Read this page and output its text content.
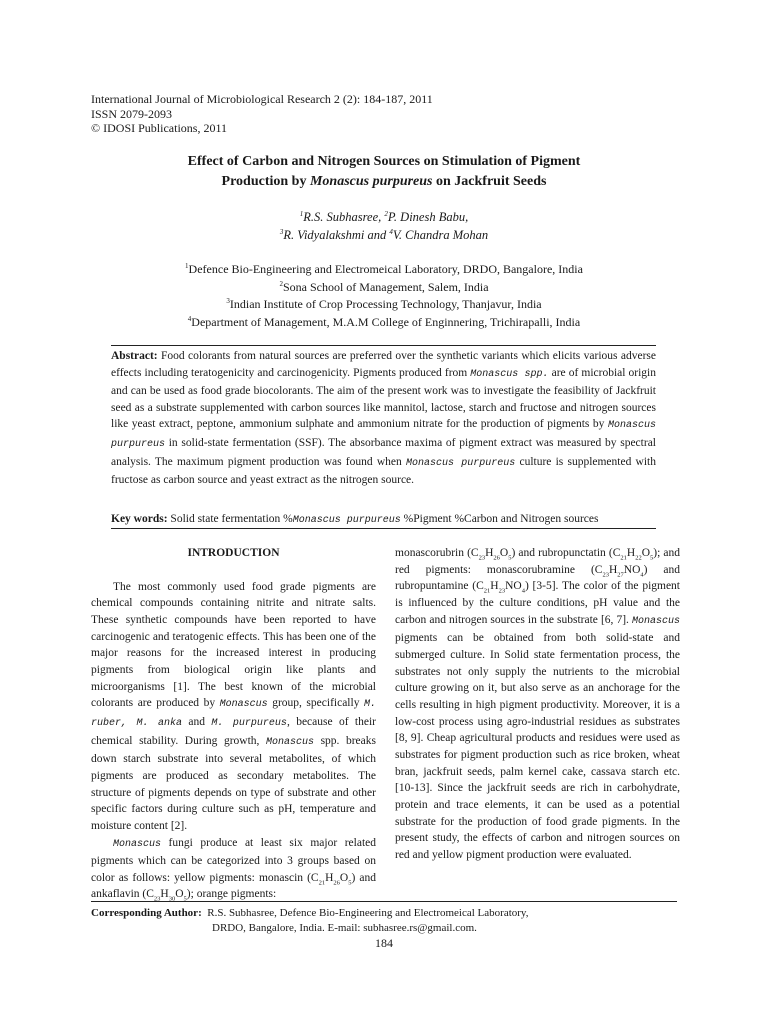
International Journal of Microbiological Research 2 (2): 184-187, 2011
ISSN 2079-2093
© IDOSI Publications, 2011
Effect of Carbon and Nitrogen Sources on Stimulation of Pigment
Production by Monascus purpureus on Jackfruit Seeds
$^1$R.S. Subhasree, $^2$P. Dinesh Babu,
$^3$R. Vidyalakshmi and $^4$V. Chandra Mohan
$^1$Defence Bio-Engineering and Electromeical Laboratory, DRDO, Bangalore, India
$^2$Sona School of Management, Salem, India
$^3$Indian Institute of Crop Processing Technology, Thanjavur, India
$^4$Department of Management, M.A.M College of Enginnering, Trichirapalli, India
Abstract: Food colorants from natural sources are preferred over the synthetic variants which elicits various adverse effects including teratogenicity and carcinogenicity. Pigments produced from Monascus spp. are of microbial origin and can be used as food grade biocolorants. The aim of the present work was to investigate the feasibility of Jackfruit seed as a substrate supplemented with carbon sources like mannitol, lactose, starch and fructose and nitrogen sources like yeast extract, peptone, ammonium sulphate and ammonium nitrate for the production of pigments by Monascus purpureus in solid-state fermentation (SSF). The absorbance maxima of pigment extract was measured by spectral analysis. The maximum pigment production was found when Monascus purpureus culture is supplemented with fructose as carbon source and yeast extract as the nitrogen source.
Key words: Solid state fermentation %Monascus purpureus %Pigment %Carbon and Nitrogen sources

INTRODUCTION

The most commonly used food grade pigments are chemical compounds containing nitrite and nitrate salts. These synthetic compounds have been reported to have carcinogenic and teratogenic effects. This has been one of the major reasons for the increased interest in producing pigments from biological origin like plants and microorganisms [1]. The best known of the microbial colorants are produced by Monascus group, specifically M. ruber, M. anka and M. purpureus, because of their chemical stability. During growth, Monascus spp. breaks down starch substrate into several metabolites, of which pigments are produced as secondary metabolites. The structure of pigments depends on type of substrate and other specific factors during culture such as pH, temperature and moisture content [2].

Monascus fungi produce at least six major related pigments which can be categorized into 3 groups based on color as follows: yellow pigments: monascin $(C_{21}H_{26}O_5)$ and ankaflavin $(C_{23}H_{30}O_5)$; orange pigments:

monascorubrin $(C_{23}H_{26}O_5)$ and rubropunctatin $(C_{21}H_{22}O_5)$; and red pigments: monascorubramine $(C_{23}H_{27}NO_4)$ and rubropuntamine $(C_{21}H_{23}NO_4)$ [3-5]. The color of the pigment is influenced by the culture conditions, pH value and the carbon and nitrogen sources in the substrate [6, 7]. Monascus pigments can be obtained from both solid-state and submerged culture. In Solid state fermentation process, the substrates not only supply the nutrients to the microbial culture growing on it, but also serve as an anchorage for the cells resulting in high pigment productivity. Moreover, it is a low-cost process using agro-industrial residues as substrates [8, 9]. Cheap agricultural products and residues were used as substrates for pigment production such as rice broken, wheat bran, jackfruit seeds, palm kernel cake, cassava starch etc. [10-13]. Since the jackfruit seeds are rich in carbohydrate, protein and trace elements, it can be used as a potential substrate for the production of food grade pigments. In the present study, the effects of carbon and nitrogen sources on red and yellow pigment production were evaluated.

Corresponding Author: R.S. Subhasree, Defence Bio-Engineering and Electromeical Laboratory,
DRDO, Bangalore, India. E-mail: subhasree.rs@gmail.com.
184
